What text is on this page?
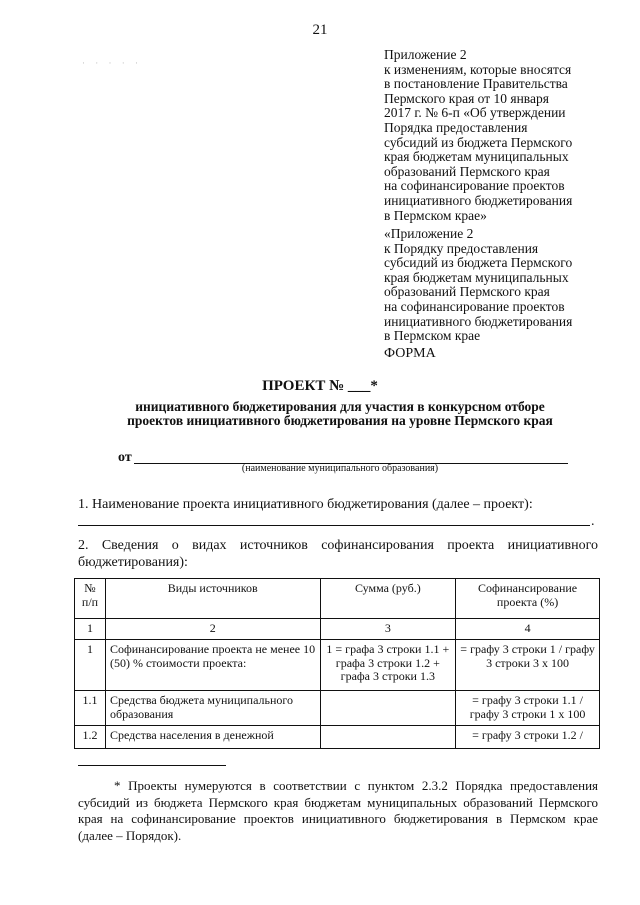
21
· · · · ·
Приложение 2
к изменениям, которые вносятся
в постановление Правительства
Пермского края от 10 января
2017 г. № 6-п «Об утверждении
Порядка предоставления
субсидий из бюджета Пермского
края бюджетам муниципальных
образований Пермского края
на софинансирование проектов
инициативного бюджетирования
в Пермском крае»
«Приложение 2
к Порядку предоставления
субсидий из бюджета Пермского
края бюджетам муниципальных
образований Пермского края
на софинансирование проектов
инициативного бюджетирования
в Пермском крае
ФОРМА
ПРОЕКТ № ___*
инициативного бюджетирования для участия в конкурсном отборе
проектов инициативного бюджетирования на уровне Пермского края
от
(наименование муниципального образования)
1. Наименование проекта инициативного бюджетирования (далее – проект):
.
2. Сведения о видах источников софинансирования проекта инициативного бюджетирования):
№ п/п	Виды источников	Сумма (руб.)	Софинансирование проекта (%)
1	2	3	4
1	Софинансирование проекта не менее 10 (50) % стоимости проекта:	1 = графа 3 строки 1.1 + графа 3 строки 1.2 + графа 3 строки 1.3	= графу 3 строки 1 / графу 3 строки 3 х 100
1.1	Средства бюджета муниципального образования		= графу 3 строки 1.1 / графу 3 строки 1 х 100
1.2	Средства населения в денежной		= графу 3 строки 1.2 /
* Проекты нумеруются в соответствии с пунктом 2.3.2 Порядка предоставления субсидий из бюджета Пермского края бюджетам муниципальных образований Пермского края на софинансирование проектов инициативного бюджетирования в Пермском крае (далее – Порядок).
